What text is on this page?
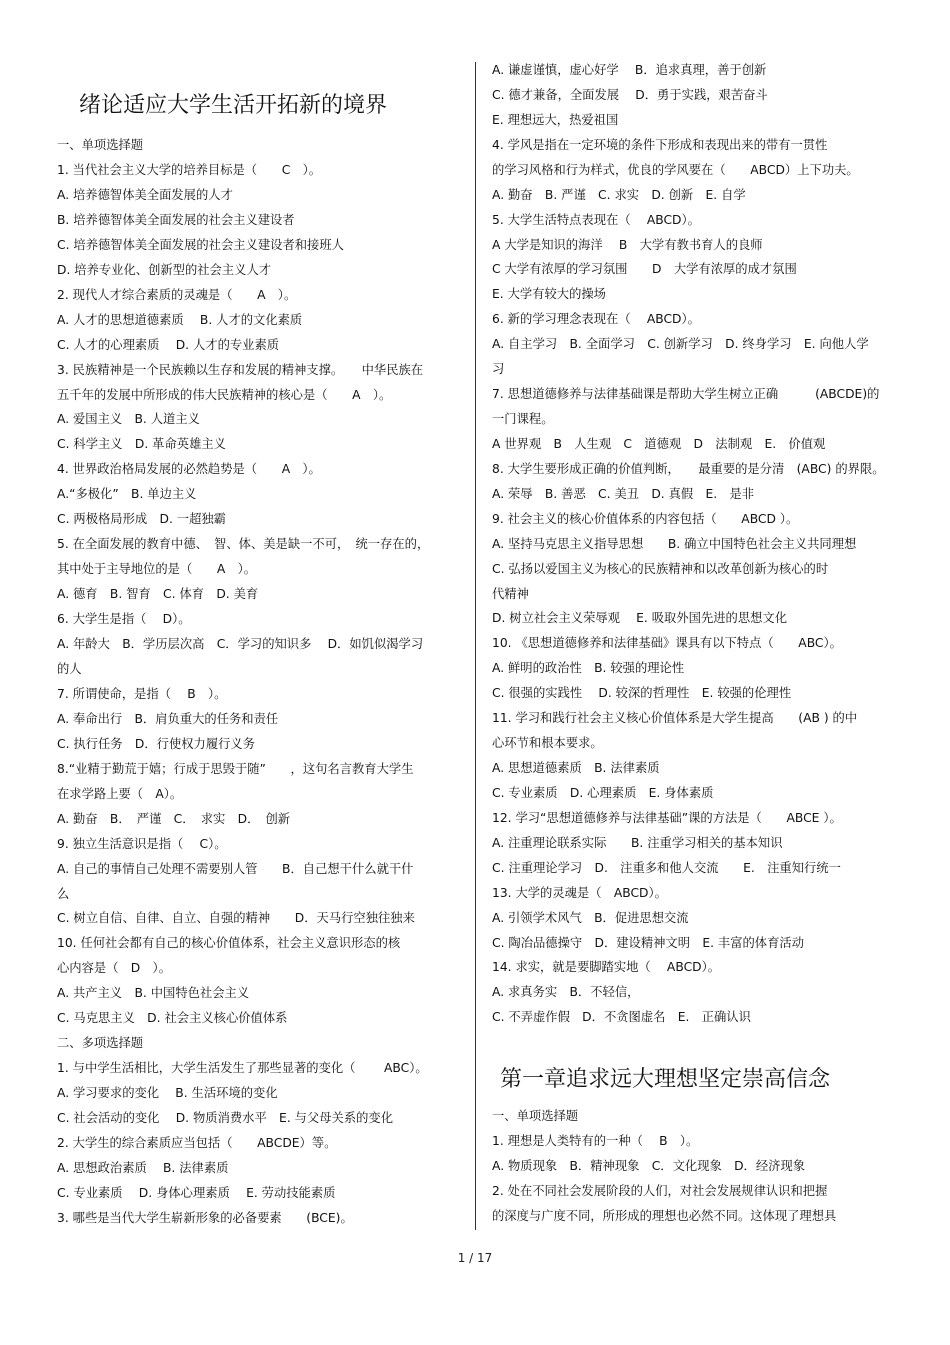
绪论适应大学生活开拓新的境界
一、单项选择题
1. 当代社会主义大学的培养目标是（　　C　）。
A. 培养德智体美全面发展的人才
B. 培养德智体美全面发展的社会主义建设者
C. 培养德智体美全面发展的社会主义建设者和接班人
D. 培养专业化、创新型的社会主义人才
2. 现代人才综合素质的灵魂是（　　A　）。
A. 人才的思想道德素质　 B. 人才的文化素质
C. 人才的心理素质　 D. 人才的专业素质
3. 民族精神是一个民族赖以生存和发展的精神支撑。　　中华民族在
五千年的发展中所形成的伟大民族精神的核心是（　　A　）。
A. 爱国主义　B. 人道主义
C. 科学主义　D. 革命英雄主义
4. 世界政治格局发展的必然趋势是（　　A　）。
A.“多极化”　B. 单边主义
C. 两极格局形成　D. 一超独霸
5. 在全面发展的教育中德、　智、体、美是缺一不可，　统一存在的，
其中处于主导地位的是（　　A　）。
A. 德育　B. 智育　C. 体育　D. 美育
6. 大学生是指（　 D）。
A. 年龄大　B．学历层次高　C．学习的知识多　 D．如饥似渴学习
的人
7. 所谓使命，是指（　 B　）。
A. 奉命出行　B．肩负重大的任务和责任
C. 执行任务　D．行使权力履行义务
8.“业精于勤荒于嬉；行成于思毁于随”　　，这句名言教育大学生
在求学路上要（　A）。
A. 勤奋　B．　严谨　C．　求实　D．　创新
9. 独立生活意识是指（　 C）。
A. 自己的事情自己处理不需要别人管　　B．自己想干什么就干什
么
C. 树立自信、自律、自立、自强的精神　　D．天马行空独往独来
10. 任何社会都有自己的核心价值体系，社会主义意识形态的核
心内容是（　D　）。
A. 共产主义　B. 中国特色社会主义
C. 马克思主义　D. 社会主义核心价值体系
二、多项选择题
1. 与中学生活相比，大学生活发生了那些显著的变化（　　 ABC）。
A. 学习要求的变化　 B. 生活环境的变化
C. 社会活动的变化　 D. 物质消费水平　E. 与父母关系的变化
2. 大学生的综合素质应当包括（　　ABCDE）等。
A. 思想政治素质　 B. 法律素质
C. 专业素质　 D. 身体心理素质　 E. 劳动技能素质
3. 哪些是当代大学生崭新形象的必备要素　　(BCE)。
A. 谦虚谨慎，虚心好学　 B．追求真理，善于创新
C. 德才兼备，全面发展　 D．勇于实践，艰苦奋斗
E. 理想远大，热爱祖国
4. 学风是指在一定环境的条件下形成和表现出来的带有一贯性
的学习风格和行为样式，优良的学风要在（　　ABCD）上下功夫。
A. 勤奋　B. 严谨　C. 求实　D. 创新　E. 自学
5. 大学生活特点表现在（　 ABCD）。
A 大学是知识的海洋　 B　大学有教书育人的良师
C 大学有浓厚的学习氛围　　D　大学有浓厚的成才氛围
E. 大学有较大的操场
6. 新的学习理念表现在（　 ABCD）。
A. 自主学习　B. 全面学习　C. 创新学习　D. 终身学习　E. 向他人学
习
7. 思想道德修养与法律基础课是帮助大学生树立正确　　　(ABCDE)的
一门课程。
A 世界观　B　人生观　C　道德观　D　法制观　E.　价值观
8. 大学生要形成正确的价值判断，　　最重要的是分清　(ABC) 的界限。
A. 荣辱　B. 善恶　C. 美丑　D. 真假　E.　是非
9. 社会主义的核心价值体系的内容包括（　　ABCD ）。
A. 坚持马克思主义指导思想　　B. 确立中国特色社会主义共同理想
C. 弘扬以爱国主义为核心的民族精神和以改革创新为核心的时
代精神
D. 树立社会主义荣辱观　 E. 吸取外国先进的思想文化
10. 《思想道德修养和法律基础》课具有以下特点（　　ABC）。
A. 鲜明的政治性　B. 较强的理论性
C. 很强的实践性　 D. 较深的哲理性　E. 较强的伦理性
11. 学习和践行社会主义核心价值体系是大学生提高　　(AB ) 的中
心环节和根本要求。
A. 思想道德素质　B. 法律素质
C. 专业素质　D. 心理素质　E. 身体素质
12. 学习“思想道德修养与法律基础”课的方法是（　　ABCE ）。
A. 注重理论联系实际　　B. 注重学习相关的基本知识
C. 注重理论学习　D.　注重多和他人交流　　E.　注重知行统一
13. 大学的灵魂是（　ABCD）。
A. 引领学术风气　B．促进思想交流
C. 陶冶品德操守　D．建设精神文明　E. 丰富的体育活动
14. 求实，就是要脚踏实地（　 ABCD）。
A. 求真务实　B．不轻信，
C. 不弄虚作假　D．不贪图虚名　E.　正确认识
第一章追求远大理想坚定崇高信念
一、单项选择题
1. 理想是人类特有的一种（　 B　）。
A. 物质现象　B．精神现象　C．文化现象　D．经济现象
2. 处在不同社会发展阶段的人们，对社会发展规律认识和把握
的深度与广度不同，所形成的理想也必然不同。这体现了理想具
1 / 17
